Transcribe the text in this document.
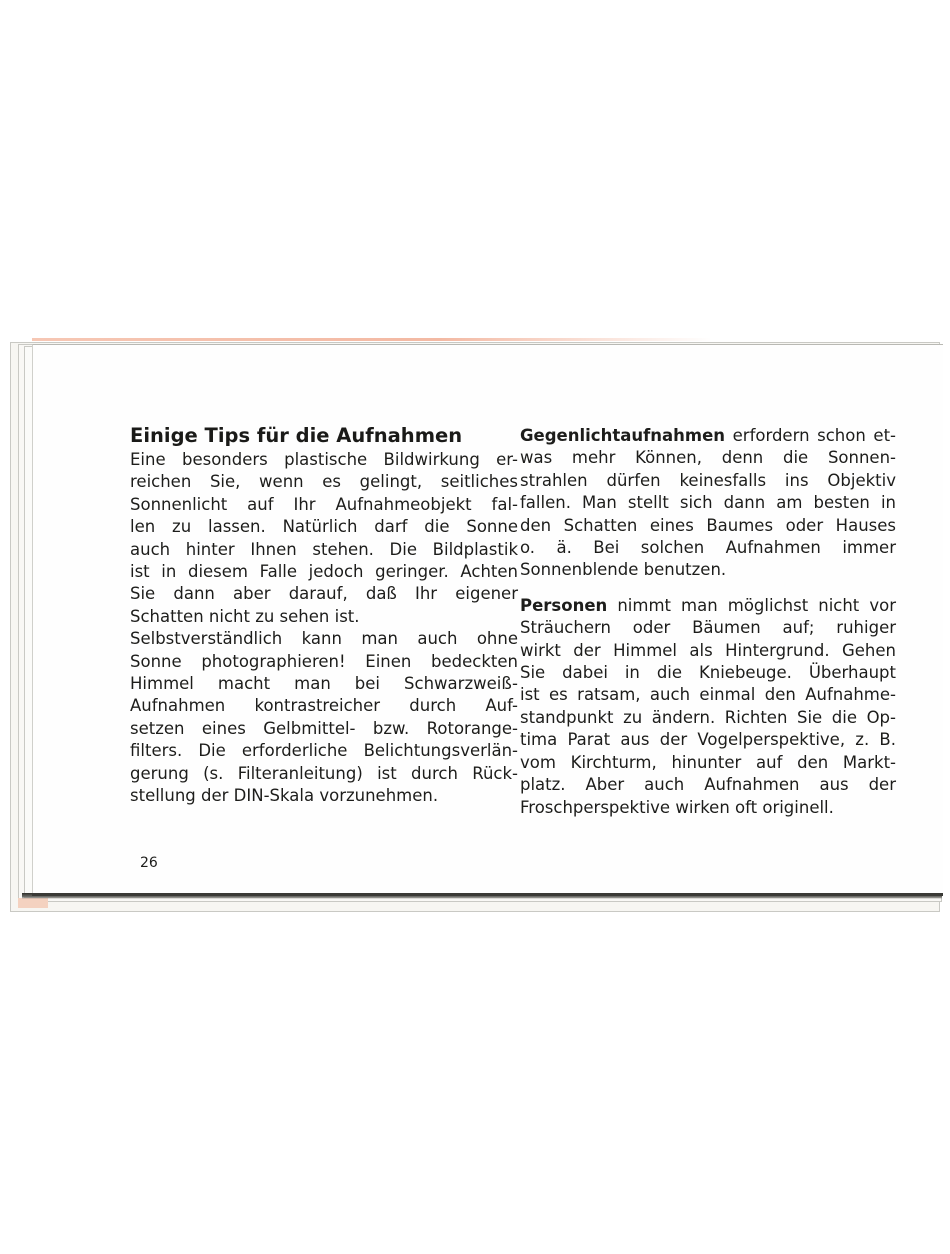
Einige Tips für die Aufnahmen
Eine besonders plastische Bildwirkung er-
reichen Sie, wenn es gelingt, seitliches
Sonnenlicht auf Ihr Aufnahmeobjekt fal-
len zu lassen. Natürlich darf die Sonne
auch hinter Ihnen stehen. Die Bildplastik
ist in diesem Falle jedoch geringer. Achten
Sie dann aber darauf, daß Ihr eigener
Schatten nicht zu sehen ist.
Selbstverständlich kann man auch ohne
Sonne photographieren! Einen bedeckten
Himmel macht man bei Schwarzweiß-
Aufnahmen kontrastreicher durch Auf-
setzen eines Gelbmittel- bzw. Rotorange-
filters. Die erforderliche Belichtungsverlän-
gerung (s. Filteranleitung) ist durch Rück-
stellung der DIN-Skala vorzunehmen.
Gegenlichtaufnahmen erfordern schon et-
was mehr Können, denn die Sonnen-
strahlen dürfen keinesfalls ins Objektiv
fallen. Man stellt sich dann am besten in
den Schatten eines Baumes oder Hauses
o. ä. Bei solchen Aufnahmen immer
Sonnenblende benutzen.
Personen nimmt man möglichst nicht vor
Sträuchern oder Bäumen auf; ruhiger
wirkt der Himmel als Hintergrund. Gehen
Sie dabei in die Kniebeuge. Überhaupt
ist es ratsam, auch einmal den Aufnahme-
standpunkt zu ändern. Richten Sie die Op-
tima Parat aus der Vogelperspektive, z. B.
vom Kirchturm, hinunter auf den Markt-
platz. Aber auch Aufnahmen aus der
Froschperspektive wirken oft originell.
26
